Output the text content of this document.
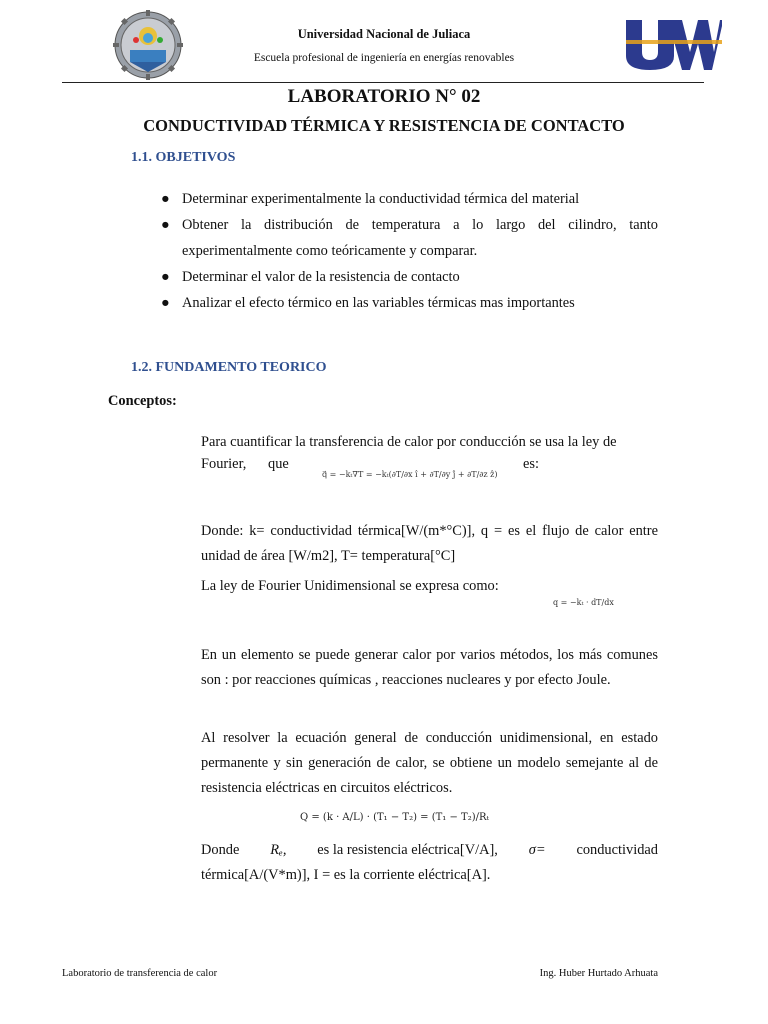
Universidad Nacional de Juliaca
Escuela profesional de ingeniería en energías renovables
LABORATORIO N° 02
CONDUCTIVIDAD TÉRMICA Y RESISTENCIA DE CONTACTO
1.1. OBJETIVOS
● Determinar experimentalmente la conductividad térmica del material
● Obtener la distribución de temperatura a lo largo del cilindro, tanto experimentalmente como teóricamente y comparar.
● Determinar el valor de la resistencia de contacto
● Analizar el efecto térmico en las variables térmicas mas importantes
1.2. FUNDAMENTO TEORICO
Conceptos:
Para cuantificar la transferencia de calor por conducción se usa la ley de
Fourier, que
q⃗ = −kₜ∇T = −kₜ(∂T/∂x î + ∂T/∂y ĵ + ∂T/∂z ẑ)
es:
Donde: k= conductividad térmica[W/(m*°C)], q = es el flujo de calor entre unidad de área [W/m2], T= temperatura[°C]
La ley de Fourier Unidimensional se expresa como:
q = −kₜ · dT/dx
En un elemento se puede generar calor por varios métodos, los más comunes son : por reacciones químicas , reacciones nucleares y por efecto Joule.
Al resolver la ecuación general de conducción unidimensional, en estado permanente y sin generación de calor, se obtiene un modelo semejante al de resistencia eléctricas en circuitos eléctricos.
Q = (k · A/L) · (T₁ − T₂) = (T₁ − T₂)/Rₜ
Donde Rₑ, es la resistencia eléctrica[V/A], σ= conductividad
térmica[A/(V*m)], I = es la corriente eléctrica[A].
Laboratorio de transferencia de calor	Ing. Huber Hurtado Arhuata
